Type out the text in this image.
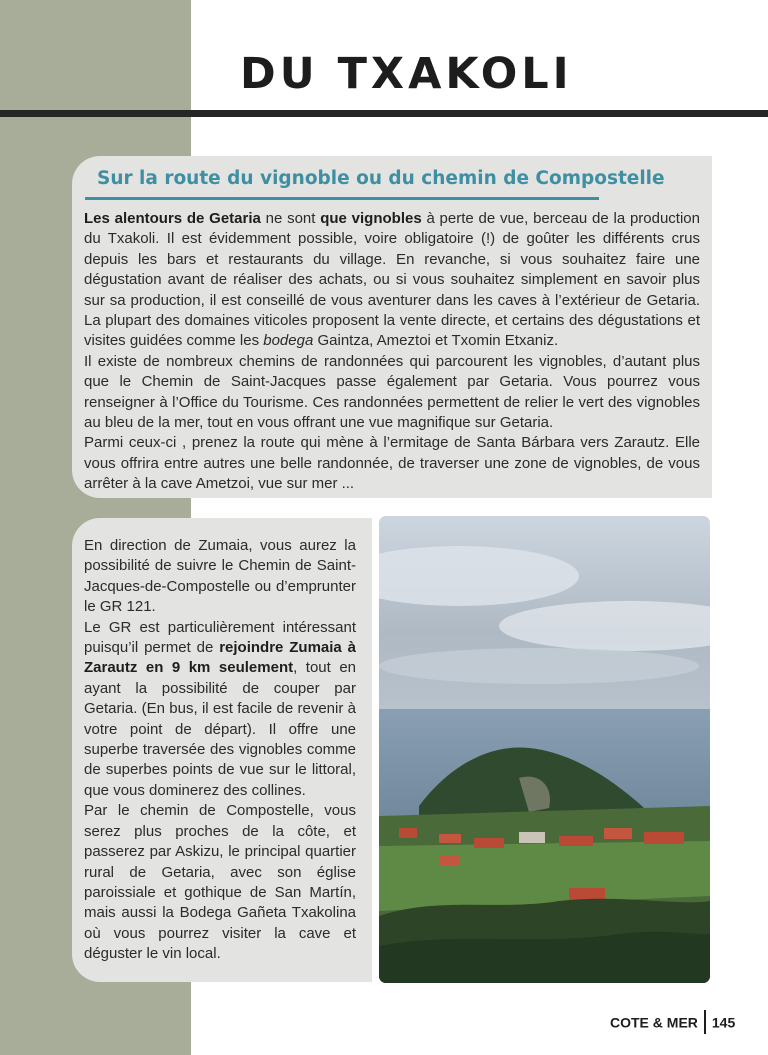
DU TXAKOLI
Sur la route du vignoble ou du chemin de Compostelle

Les alentours de Getaria ne sont que vignobles à perte de vue, berceau de la production du Txakoli. Il est évidemment possible, voire obligatoire (!) de goûter les différents crus depuis les bars et restaurants du village. En revanche, si vous souhaitez faire une dégustation avant de réaliser des achats, ou si vous souhaitez simplement en savoir plus sur sa production, il est conseillé de vous aventurer dans les caves à l’extérieur de Getaria. La plupart des domaines viticoles proposent la vente directe, et certains des dégustations et visites guidées comme les bodega Gaintza, Ameztoi et Txomin Etxaniz.

Il existe de nombreux chemins de randonnées qui parcourent les vignobles, d’autant plus que le Chemin de Saint-Jacques passe également par Getaria. Vous pourrez vous renseigner à l’Office du Tourisme. Ces randonnées permettent de relier le vert des vignobles au bleu de la mer, tout en vous offrant une vue magnifique sur Getaria.

Parmi ceux-ci , prenez la route qui mène à l’ermitage de Santa Bárbara vers Zarautz. Elle vous offrira entre autres une belle randonnée, de traverser une zone de vignobles, de vous arrêter à la cave Ametzoi, vue sur mer ...

En direction de Zumaia, vous aurez la possibilité de suivre le Chemin de Saint-Jacques-de-Compostelle ou d’emprunter le GR 121.

Le GR est particulièrement intéressant puisqu’il permet de rejoindre Zumaia à Zarautz en 9 km seulement, tout en ayant la possibilité de couper par Getaria. (En bus, il est facile de revenir à votre point de départ). Il offre une superbe traversée des vignobles comme de superbes points de vue sur le littoral, que vous dominerez des collines.

Par le chemin de Compostelle, vous serez plus proches de la côte, et passerez par Askizu, le principal quartier rural de Getaria, avec son église paroissiale et gothique de San Martín, mais aussi la Bodega Gañeta Txakolina où vous pourrez visiter la cave et déguster le vin local.

COTE & MER 145
